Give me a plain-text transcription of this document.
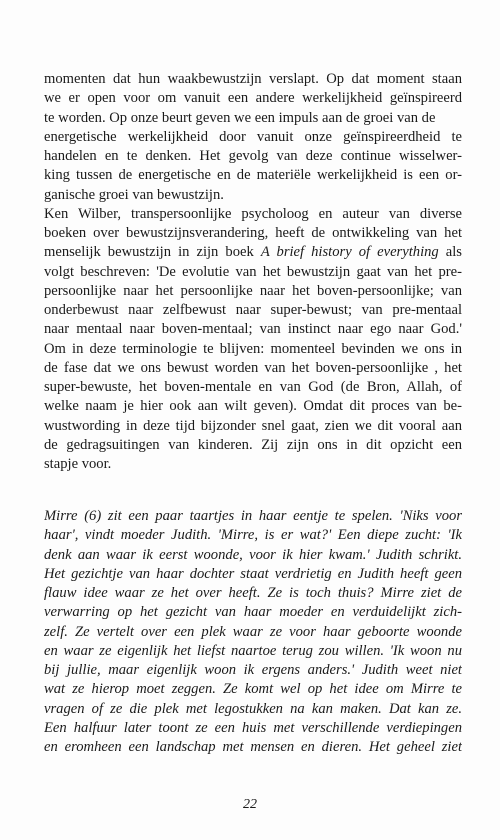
momenten dat hun waakbewustzijn verslapt. Op dat moment staan
we er open voor om vanuit een andere werkelijkheid geïnspireerd
te worden. Op onze beurt geven we een impuls aan de groei van de
energetische werkelijkheid door vanuit onze geïnspireerdheid te
handelen en te denken. Het gevolg van deze continue wisselwer-
king tussen de energetische en de materiële werkelijkheid is een or-
ganische groei van bewustzijn.
Ken Wilber, transpersoonlijke psycholoog en auteur van diverse
boeken over bewustzijnsverandering, heeft de ontwikkeling van het
menselijk bewustzijn in zijn boek A brief history of everything als
volgt beschreven: 'De evolutie van het bewustzijn gaat van het pre-
persoonlijke naar het persoonlijke naar het boven-persoonlijke; van
onderbewust naar zelfbewust naar super-bewust; van pre-mentaal
naar mentaal naar boven-mentaal; van instinct naar ego naar God.'
Om in deze terminologie te blijven: momenteel bevinden we ons in
de fase dat we ons bewust worden van het boven-persoonlijke , het
super-bewuste, het boven-mentale en van God (de Bron, Allah, of
welke naam je hier ook aan wilt geven). Omdat dit proces van be-
wustwording in deze tijd bijzonder snel gaat, zien we dit vooral aan
de gedragsuitingen van kinderen. Zij zijn ons in dit opzicht een
stapje voor.
Mirre (6) zit een paar taartjes in haar eentje te spelen. 'Niks voor
haar', vindt moeder Judith. 'Mirre, is er wat?' Een diepe zucht: 'Ik
denk aan waar ik eerst woonde, voor ik hier kwam.' Judith schrikt.
Het gezichtje van haar dochter staat verdrietig en Judith heeft geen
flauw idee waar ze het over heeft. Ze is toch thuis? Mirre ziet de
verwarring op het gezicht van haar moeder en verduidelijkt zich-
zelf. Ze vertelt over een plek waar ze voor haar geboorte woonde
en waar ze eigenlijk het liefst naartoe terug zou willen. 'Ik woon nu
bij jullie, maar eigenlijk woon ik ergens anders.' Judith weet niet
wat ze hierop moet zeggen. Ze komt wel op het idee om Mirre te
vragen of ze die plek met legostukken na kan maken. Dat kan ze.
Een halfuur later toont ze een huis met verschillende verdiepingen
en eromheen een landschap met mensen en dieren. Het geheel ziet
22
